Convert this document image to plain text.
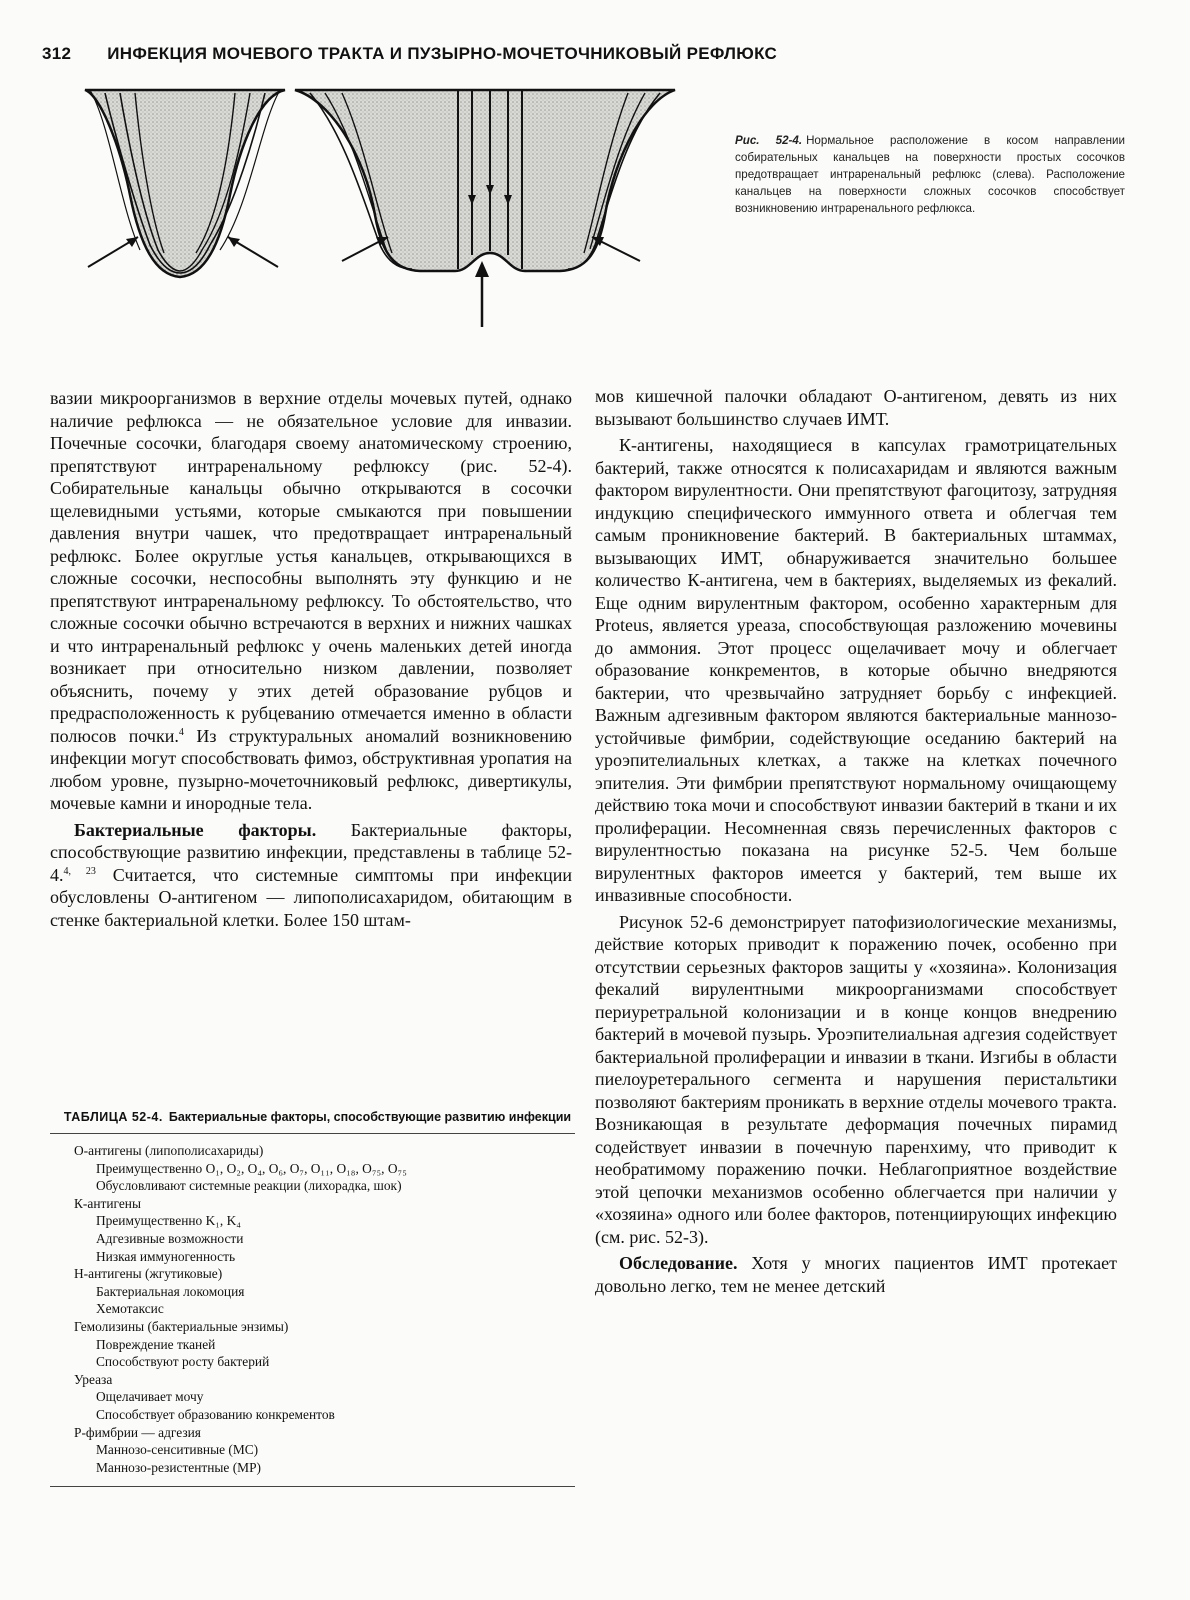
312 ИНФЕКЦИЯ МОЧЕВОГО ТРАКТА И ПУЗЫРНО-МОЧЕТОЧНИКОВЫЙ РЕФЛЮКС
Рис. 52-4. Нормальное расположение в косом направлении собирательных канальцев на поверхности простых сосочков предотвращает интраренальный рефлюкс (слева). Расположение канальцев на поверхности сложных сосочков способствует возникновению интраренального рефлюкса.

вазии микроорганизмов в верхние отделы мочевых путей, однако наличие рефлюкса — не обязательное условие для инвазии. Почечные сосочки, благодаря своему анатомическому строению, препятствуют интраренальному рефлюксу (рис. 52-4). Собирательные канальцы обычно открываются в сосочки щелевидными устьями, которые смыкаются при повышении давления внутри чашек, что предотвращает интраренальный рефлюкс. Более округлые устья канальцев, открывающихся в сложные сосочки, неспособны выполнять эту функцию и не препятствуют интраренальному рефлюксу. То обстоятельство, что сложные сосочки обычно встречаются в верхних и нижних чашках и что интраренальный рефлюкс у очень маленьких детей иногда возникает при относительно низком давлении, позволяет объяснить, почему у этих детей образование рубцов и предрасположенность к рубцеванию отмечается именно в области полюсов почки.$^4$ Из структуральных аномалий возникновению инфекции могут способствовать фимоз, обструктивная уропатия на любом уровне, пузырно-мочеточниковый рефлюкс, дивертикулы, мочевые камни и инородные тела.

Бактериальные факторы. Бактериальные факторы, способствующие развитию инфекции, представлены в таблице 52-4.$^{4, 23}$ Считается, что системные симптомы при инфекции обусловлены О-антигеном — липополисахаридом, обитающим в стенке бактериальной клетки. Более 150 штам-

мов кишечной палочки обладают О-антигеном, девять из них вызывают большинство случаев ИМТ.

К-антигены, находящиеся в капсулах грамотрицательных бактерий, также относятся к полисахаридам и являются важным фактором вирулентности. Они препятствуют фагоцитозу, затрудняя индукцию специфического иммунного ответа и облегчая тем самым проникновение бактерий. В бактериальных штаммах, вызывающих ИМТ, обнаруживается значительно большее количество К-антигена, чем в бактериях, выделяемых из фекалий. Еще одним вирулентным фактором, особенно характерным для Proteus, является уреаза, способствующая разложению мочевины до аммония. Этот процесс ощелачивает мочу и облегчает образование конкрементов, в которые обычно внедряются бактерии, что чрезвычайно затрудняет борьбу с инфекцией. Важным адгезивным фактором являются бактериальные маннозо-устойчивые фимбрии, содействующие оседанию бактерий на уроэпителиальных клетках, а также на клетках почечного эпителия. Эти фимбрии препятствуют нормальному очищающему действию тока мочи и способствуют инвазии бактерий в ткани и их пролиферации. Несомненная связь перечисленных факторов с вирулентностью показана на рисунке 52-5. Чем больше вирулентных факторов имеется у бактерий, тем выше их инвазивные способности.

Рисунок 52-6 демонстрирует патофизиологические механизмы, действие которых приводит к поражению почек, особенно при отсутствии серьезных факторов защиты у «хозяина». Колонизация фекалий вирулентными микроорганизмами способствует периуретральной колонизации и в конце концов внедрению бактерий в мочевой пузырь. Уроэпителиальная адгезия содействует бактериальной пролиферации и инвазии в ткани. Изгибы в области пиелоуретерального сегмента и нарушения перистальтики позволяют бактериям проникать в верхние отделы мочевого тракта. Возникающая в результате деформация почечных пирамид содействует инвазии в почечную паренхиму, что приводит к необратимому поражению почки. Неблагоприятное воздействие этой цепочки механизмов особенно облегчается при наличии у «хозяина» одного или более факторов, потенциирующих инфекцию (см. рис. 52-3).

Обследование. Хотя у многих пациентов ИМТ протекает довольно легко, тем не менее детский

ТАБЛИЦА 52-4. Бактериальные факторы, способствующие развитию инфекции
О-антигены (липополисахариды)
Преимущественно O₁, O₂, O₄, O₆, O₇, O₁₁, O₁₈, O₇₅, O₇₅
Обусловливают системные реакции (лихорадка, шок)
К-антигены
Преимущественно K₁, K₄
Адгезивные возможности
Низкая иммуногенность
Н-антигены (жгутиковые)
Бактериальная локомоция
Хемотаксис
Гемолизины (бактериальные энзимы)
Повреждение тканей
Способствуют росту бактерий
Уреаза
Ощелачивает мочу
Способствует образованию конкрементов
Р-фимбрии — адгезия
Маннозо-сенситивные (МС)
Маннозо-резистентные (МР)
